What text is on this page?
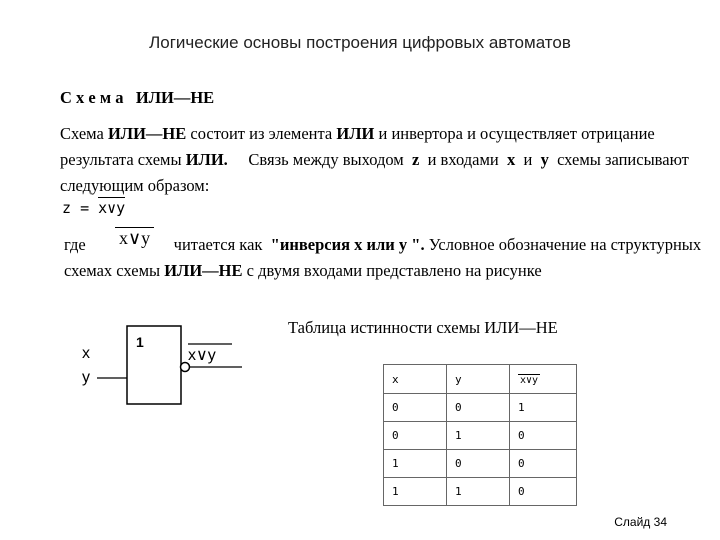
Логические основы построения цифровых автоматов
С х е м а   ИЛИ—НЕ
Схема ИЛИ—НЕ состоит из элемента ИЛИ и инвертора и осуществляет отрицание результата схемы ИЛИ.     Связь между выходом  z  и входами  x  и  y  схемы записывают следующим образом:
z = x∨y
x∨y
где	читается как  "инверсия x или y ". Условное обозначение на структурных схемах схемы ИЛИ—НЕ с двумя входами представлено на рисунке
1
x
y
x∨y
Таблица истинности схемы ИЛИ—НЕ
x	y	x∨y
0	0	1
0	1	0
1	0	0
1	1	0
Слайд 34
